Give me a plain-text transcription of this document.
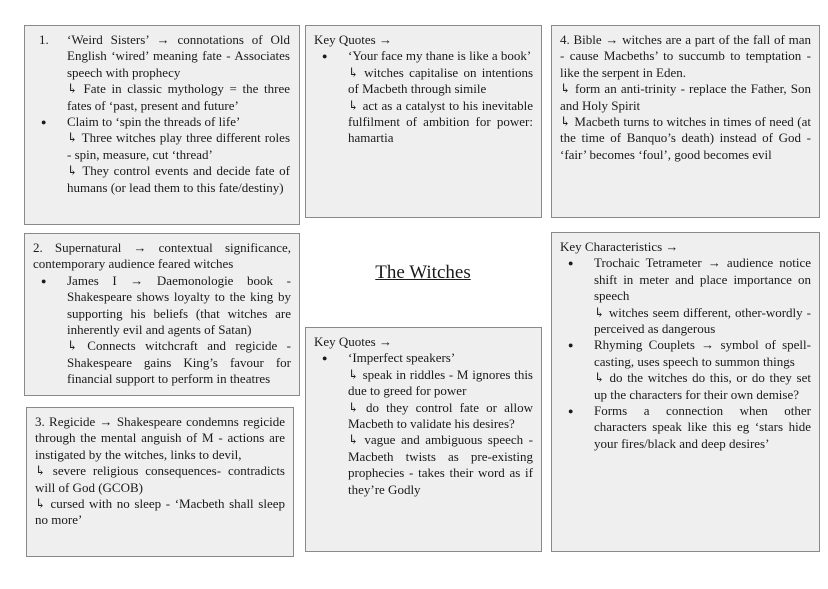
The Witches
1. ‘Weird Sisters’ → connotations of Old English ‘wired’ meaning fate - Associates speech with prophecy

↳ Fate in classic mythology = the three fates of ‘past, present and future’

● Claim to ‘spin the threads of life’

↳ Three witches play three different roles - spin, measure, cut ‘thread’

↳ They control events and decide fate of humans (or lead them to this fate/destiny)

Key Quotes →

● ‘Your face my thane is like a book’

↳ witches capitalise on intentions of Macbeth through simile

↳ act as a catalyst to his inevitable fulfilment of ambition for power: hamartia

4. Bible → witches are a part of the fall of man - cause Macbeths’ to succumb to temptation - like the serpent in Eden.

↳ form an anti-trinity - replace the Father, Son and Holy Spirit

↳ Macbeth turns to witches in times of need (at the time of Banquo’s death) instead of God - ‘fair’ becomes ‘foul’, good becomes evil

2. Supernatural → contextual significance, contemporary audience feared witches

● James I → Daemonologie book - Shakespeare shows loyalty to the king by supporting his beliefs (that witches are inherently evil and agents of Satan)

↳ Connects witchcraft and regicide - Shakespeare gains King’s favour for financial support to perform in theatres

3. Regicide → Shakespeare condemns regicide through the mental anguish of M - actions are instigated by the witches, links to devil,

↳ severe religious consequences- contradicts will of God (GCOB)

↳ cursed with no sleep - ‘Macbeth shall sleep no more’

Key Quotes →

● ‘Imperfect speakers’

↳ speak in riddles - M ignores this due to greed for power

↳ do they control fate or allow Macbeth to validate his desires?

↳ vague and ambiguous speech - Macbeth twists as pre-existing prophecies - takes their word as if they’re Godly

Key Characteristics →

● Trochaic Tetrameter → audience notice shift in meter and place importance on speech

↳ witches seem different, other-wordly - perceived as dangerous

● Rhyming Couplets → symbol of spell-casting, uses speech to summon things

↳ do the witches do this, or do they set up the characters for their own demise?

● Forms a connection when other characters speak like this eg ‘stars hide your fires/black and deep desires’
